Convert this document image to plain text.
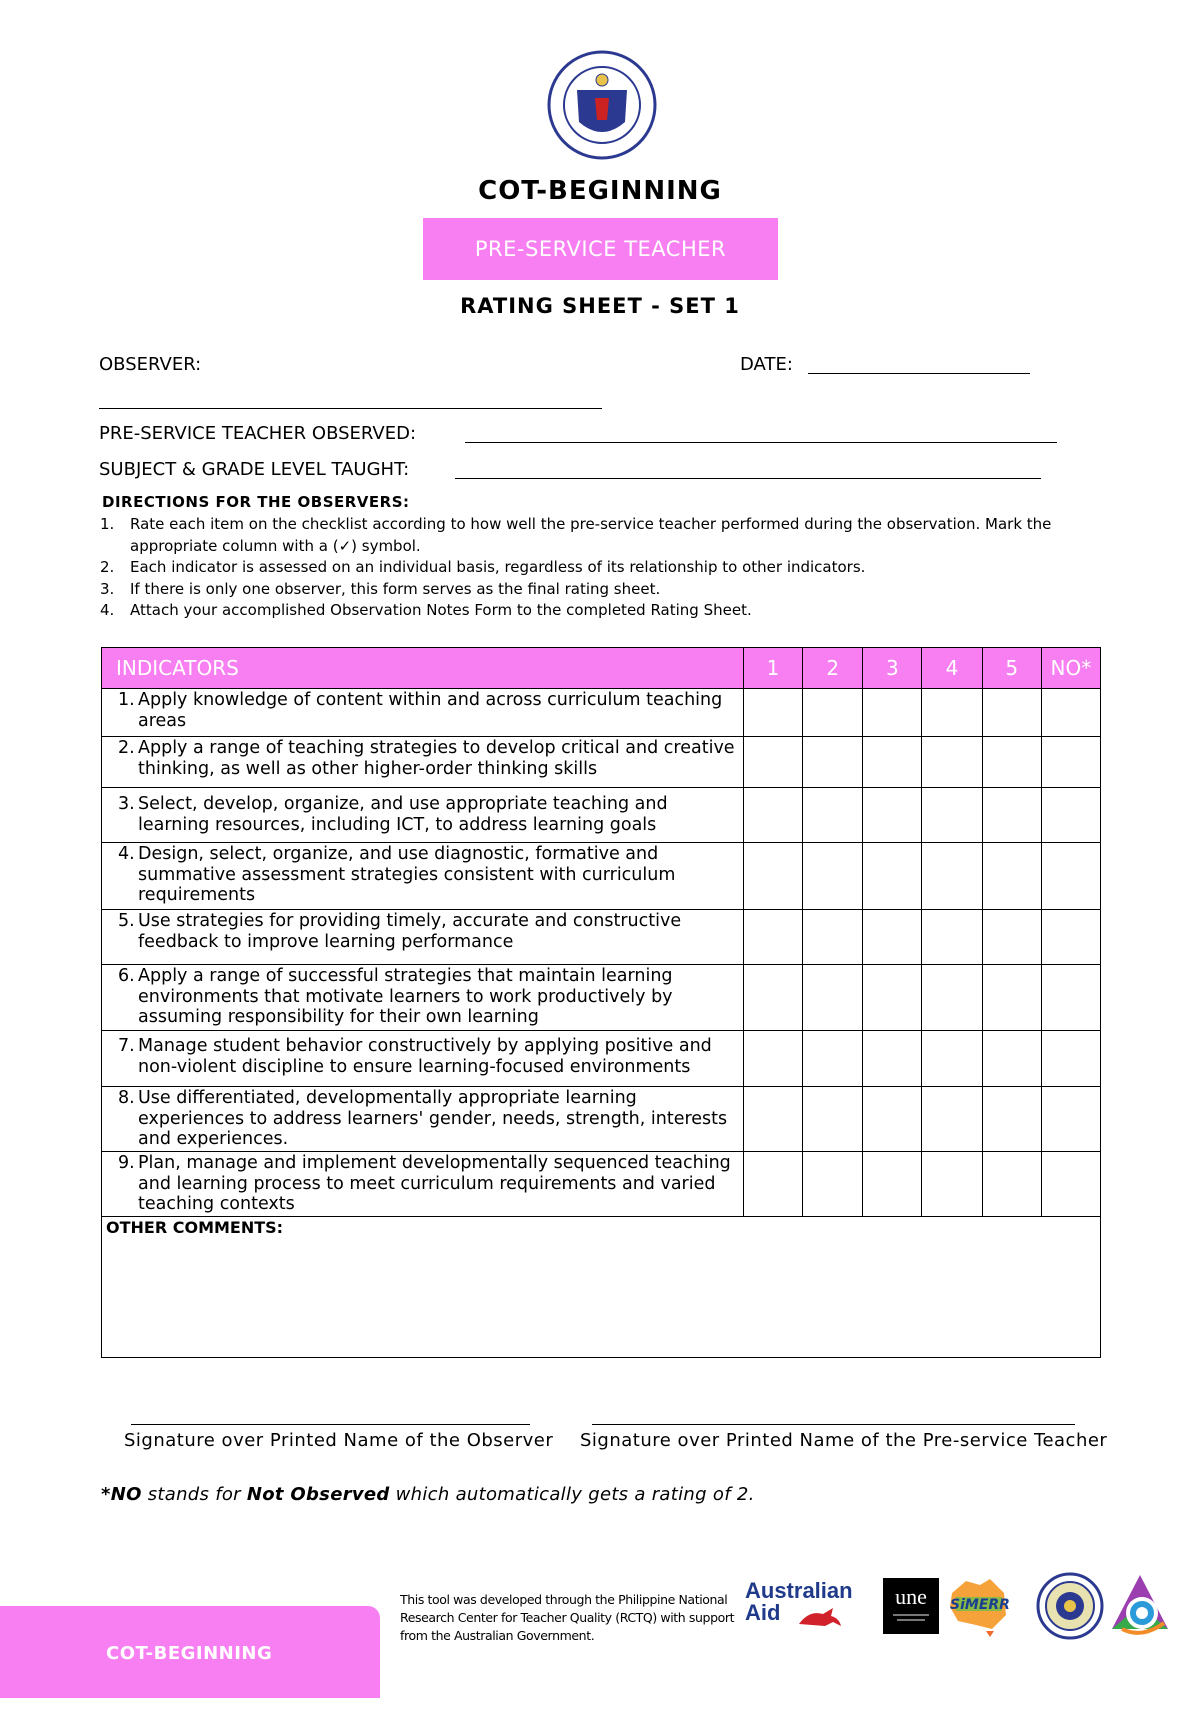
COT-BEGINNING
PRE-SERVICE TEACHER
RATING SHEET - SET 1
OBSERVER:	DATE:
PRE-SERVICE TEACHER OBSERVED:
SUBJECT & GRADE LEVEL TAUGHT:
DIRECTIONS FOR THE OBSERVERS:
1. Rate each item on the checklist according to how well the pre-service teacher performed during the observation. Mark the appropriate column with a (✓) symbol.
2. Each indicator is assessed on an individual basis, regardless of its relationship to other indicators.
3. If there is only one observer, this form serves as the final rating sheet.
4. Attach your accomplished Observation Notes Form to the completed Rating Sheet.
INDICATORS	1	2	3	4	5	NO*

1. Apply knowledge of content within and across curriculum teaching areas						

2. Apply a range of teaching strategies to develop critical and creative thinking, as well as other higher-order thinking skills						

3. Select, develop, organize, and use appropriate teaching and learning resources, including ICT, to address learning goals						

4. Design, select, organize, and use diagnostic, formative and summative assessment strategies consistent with curriculum requirements						

5. Use strategies for providing timely, accurate and constructive feedback to improve learning performance						

6. Apply a range of successful strategies that maintain learning environments that motivate learners to work productively by assuming responsibility for their own learning						

7. Manage student behavior constructively by applying positive and non-violent discipline to ensure learning-focused environments						

8. Use differentiated, developmentally appropriate learning experiences to address learners' gender, needs, strength, interests and experiences.						

9. Plan, manage and implement developmentally sequenced teaching and learning process to meet curriculum requirements and varied teaching contexts						

OTHER COMMENTS:						
Signature over Printed Name of the Observer Signature over Printed Name of the Pre-service Teacher
*NO stands for Not Observed which automatically gets a rating of 2.
COT-BEGINNING
This tool was developed through the Philippine National Research Center for Teacher Quality (RCTQ) with support from the Australian Government.
Australian Aid
une	SiMERR
